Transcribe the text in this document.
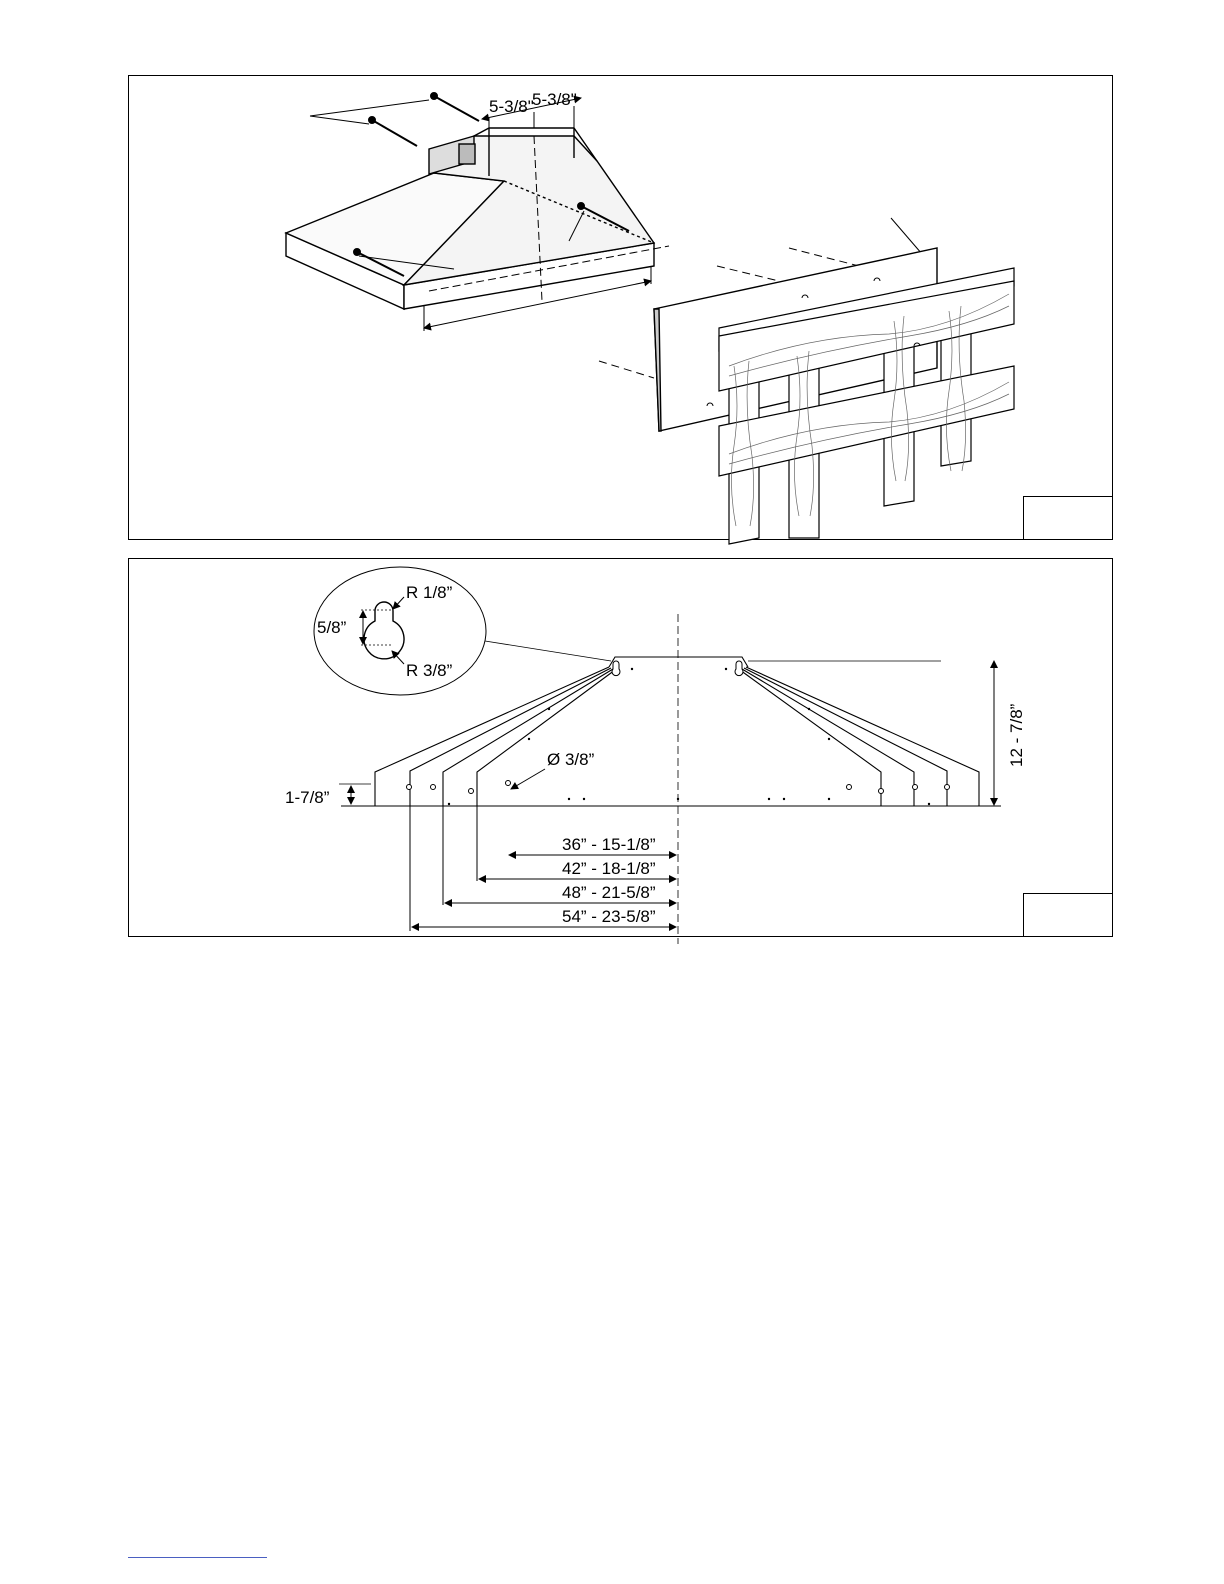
5-3/8"
5-3/8"
R 1/8”
5/8”
R 3/8”
Ø 3/8”
1-7/8”
12 - 7/8”
36” - 15-1/8”
42” - 18-1/8”
48” - 21-5/8”
54” - 23-5/8”
